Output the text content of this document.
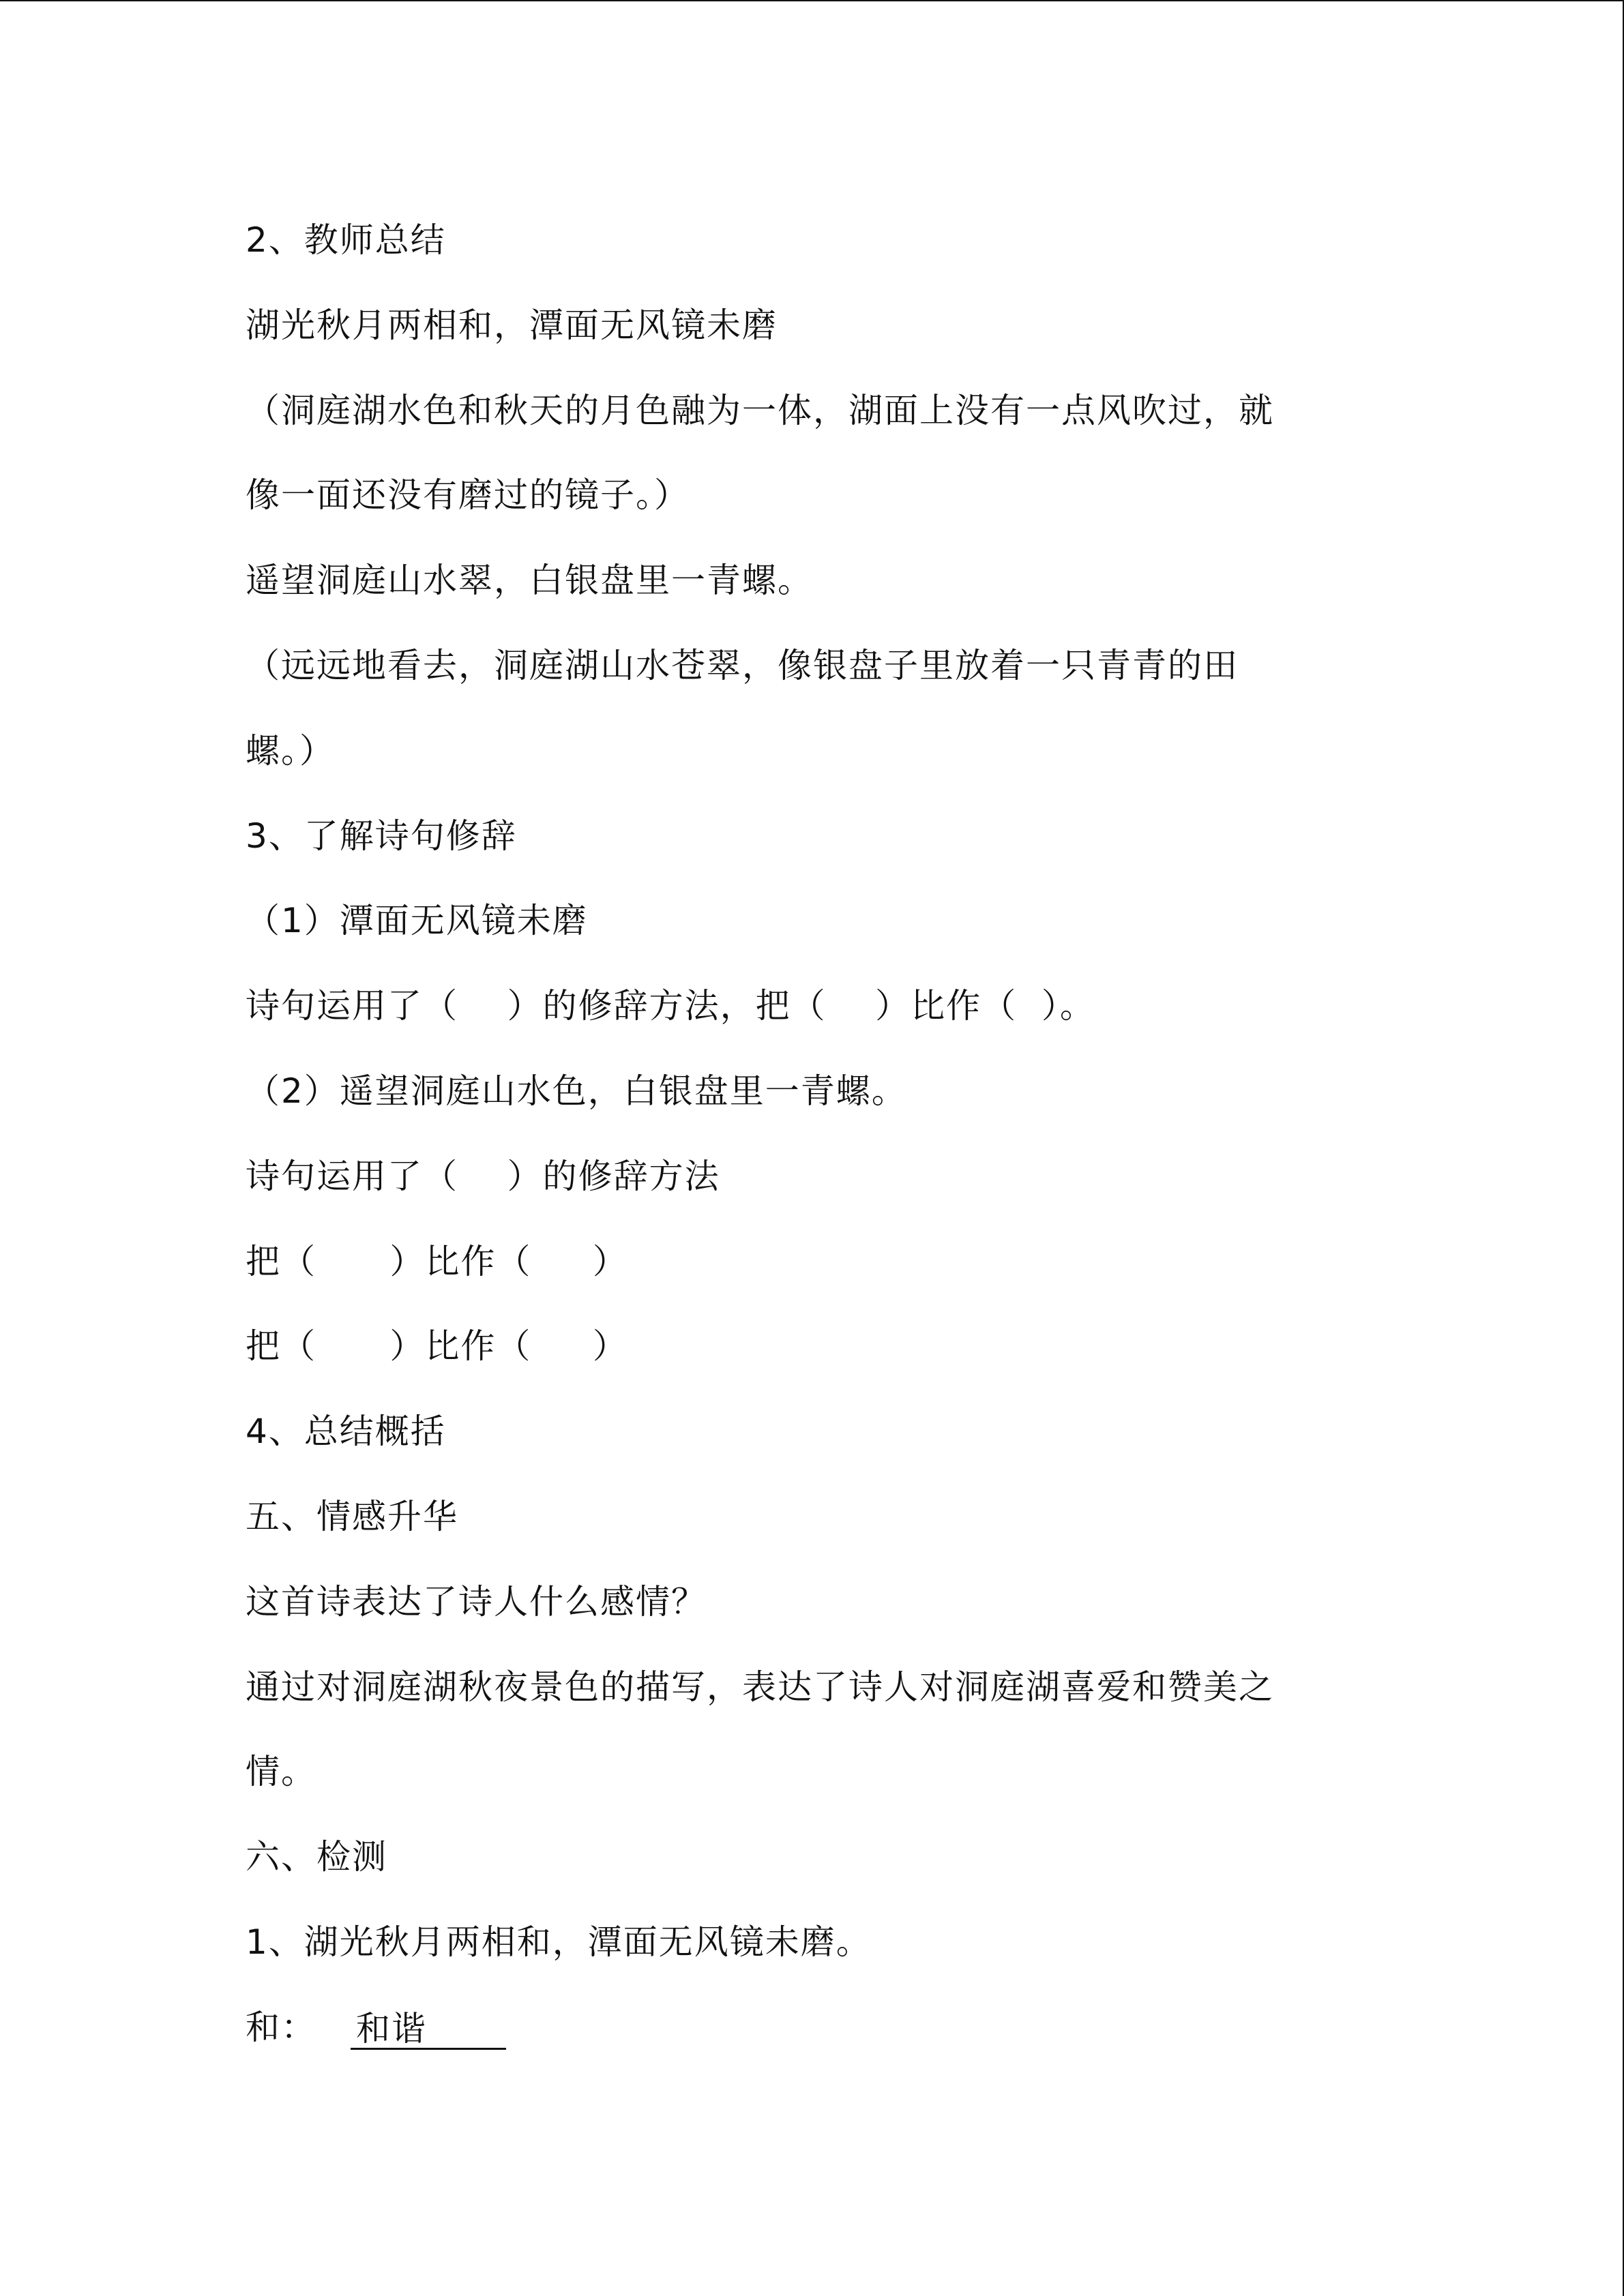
2、教师总结
湖光秋月两相和，潭面无风镜未磨
（洞庭湖水色和秋天的月色融为一体，湖面上没有一点风吹过，就
像一面还没有磨过的镜子。）
遥望洞庭山水翠，白银盘里一青螺。
（远远地看去，洞庭湖山水苍翠，像银盘子里放着一只青青的田
螺。）
3、了解诗句修辞
（1）潭面无风镜未磨
诗句运用了（    ）的修辞方法，把（    ）比作（  ）。
（2）遥望洞庭山水色，白银盘里一青螺。
诗句运用了（    ）的修辞方法
把（      ）比作（     ）
把（      ）比作（     ）
4、总结概括
五、情感升华
这首诗表达了诗人什么感情？
通过对洞庭湖秋夜景色的描写，表达了诗人对洞庭湖喜爱和赞美之
情。
六、检测
1、湖光秋月两相和，潭面无风镜未磨。
和： 和谐
